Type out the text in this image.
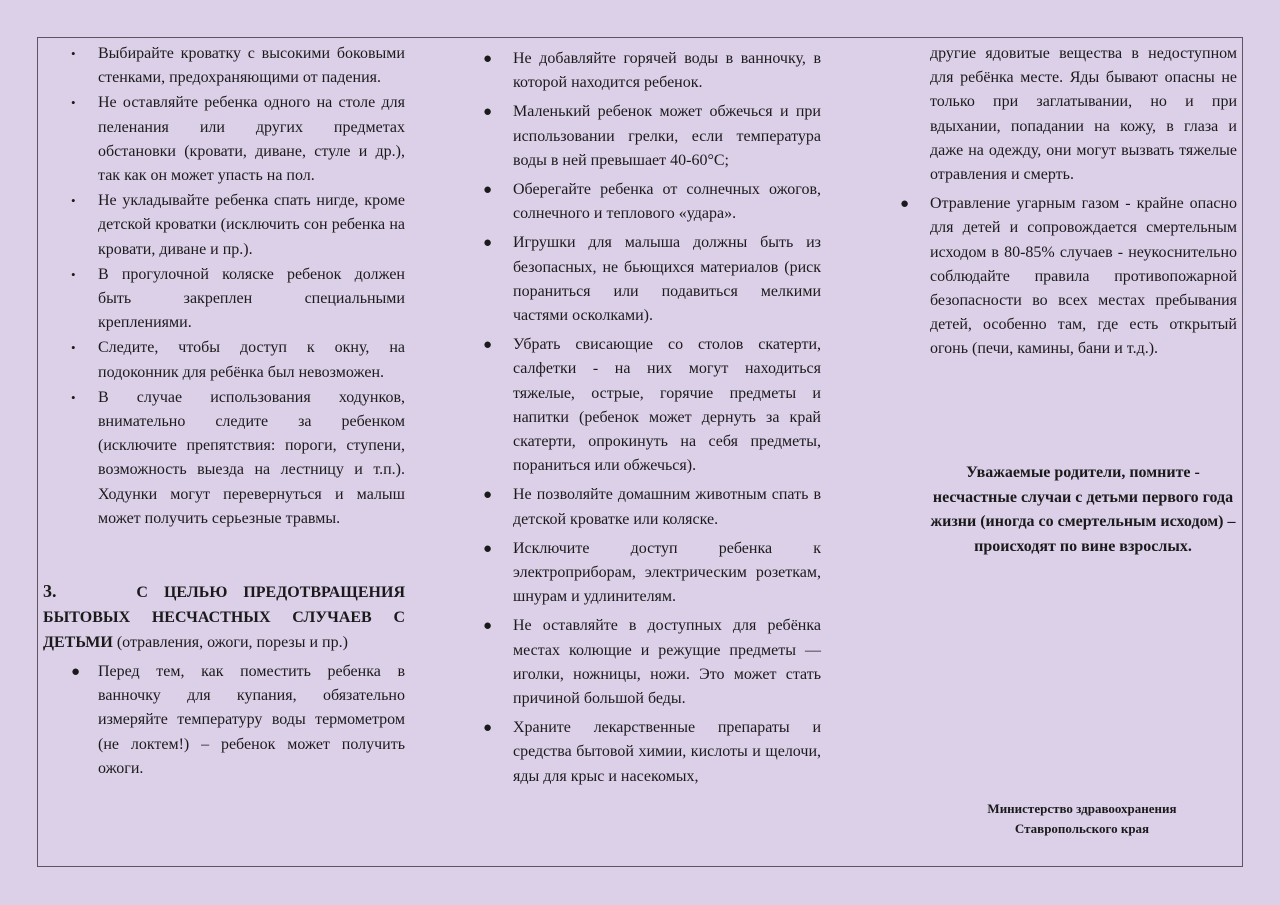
• Выбирайте кроватку с высокими боковыми стенками, предохраняющими от падения.
• Не оставляйте ребенка одного на столе для пеленания или других предметах обстановки (кровати, диване, стуле и др.), так как он может упасть на пол.
• Не укладывайте ребенка спать нигде, кроме детской кроватки (исключить сон ребенка на кровати, диване и пр.).
• В прогулочной коляске ребенок должен быть закреплен специальными креплениями.
• Следите, чтобы доступ к окну, на подоконник для ребёнка был невозможен.
• В случае использования ходунков, внимательно следите за ребенком (исключите препятствия: пороги, ступени, возможность выезда на лестницу и т.п.). Ходунки могут перевернуться и малыш может получить серьезные травмы.
3.	С ЦЕЛЬЮ ПРЕДОТВРАЩЕНИЯ БЫТОВЫХ НЕСЧАСТНЫХ СЛУЧАЕВ С ДЕТЬМИ (отравления, ожоги, порезы и пр.)
● Перед тем, как поместить ребенка в ванночку для купания, обязательно измеряйте температуру воды термометром (не локтем!) – ребенок может получить ожоги.
● Не добавляйте горячей воды в ванночку, в которой находится ребенок.
● Маленький ребенок может обжечься и при использовании грелки, если температура воды в ней превышает 40-60°С;
● Оберегайте ребенка от солнечных ожогов, солнечного и теплового «удара».
● Игрушки для малыша должны быть из безопасных, не бьющихся материалов (риск пораниться или подавиться мелкими частями осколками).
● Убрать свисающие со столов скатерти, салфетки - на них могут находиться тяжелые, острые, горячие предметы и напитки (ребенок может дернуть за край скатерти, опрокинуть на себя предметы, пораниться или обжечься).
● Не позволяйте домашним животным спать в детской кроватке или коляске.
● Исключите доступ ребенка к электроприборам, электрическим розеткам, шнурам и удлинителям.
● Не оставляйте в доступных для ребёнка местах колющие и режущие предметы — иголки, ножницы, ножи. Это может стать причиной большой беды.
● Храните лекарственные препараты и средства бытовой химии, кислоты и щелочи, яды для крыс и насекомых,
другие ядовитые вещества в недоступном для ребёнка месте. Яды бывают опасны не только при заглатывании, но и при вдыхании, попадании на кожу, в глаза и даже на одежду, они могут вызвать тяжелые отравления и смерть.
● Отравление угарным газом - крайне опасно для детей и сопровождается смертельным исходом в 80-85% случаев - неукоснительно соблюдайте правила противопожарной безопасности во всех местах пребывания детей, особенно там, где есть открытый огонь (печи, камины, бани и т.д.).
Уважаемые родители, помните - несчастные случаи с детьми первого года жизни (иногда со смертельным исходом) – происходят по вине взрослых.
Министерство здравоохранения
Ставропольского края
